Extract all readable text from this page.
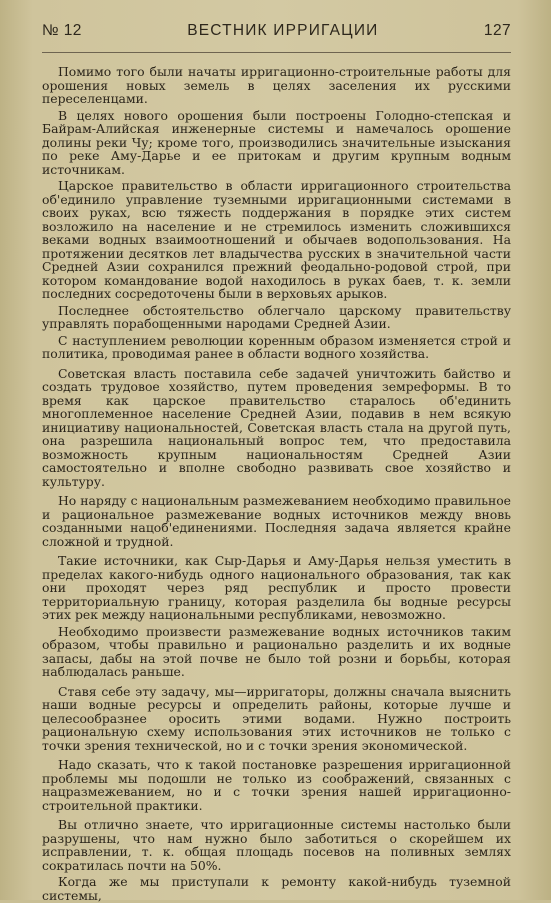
№ 12	ВЕСТНИК ИРРИГАЦИИ	127

Помимо того были начаты ирригационно-строительные работы для орошения новых земель в целях заселения их русскими переселенцами.

В целях нового орошения были построены Голодно-степская и Байрам-Алийская инженерные системы и намечалось орошение долины реки Чу; кроме того, производились значительные изыскания по реке Аму-Дарье и ее притокам и другим крупным водным источникам.

Царское правительство в области ирригационного строительства об'единило управление туземными ирригационными системами в своих руках, всю тяжесть поддержания в порядке этих систем возложило на население и не стремилось изменить сложившихся веками водных взаимоотношений и обычаев водопользования. На протяжении десятков лет владычества русских в значительной части Средней Азии сохранился прежний феодально-родовой строй, при котором командование водой находилось в руках баев, т. к. земли последних сосредоточены были в верховьях арыков.

Последнее обстоятельство облегчало царскому правительству управлять порабощенными народами Средней Азии.

С наступлением революции коренным образом изменяется строй и политика, проводимая ранее в области водного хозяйства.

Советская власть поставила себе задачей уничтожить байство и создать трудовое хозяйство, путем проведения земреформы. В то время как царское правительство старалось об'единить многоплеменное население Средней Азии, подавив в нем всякую инициативу национальностей, Советская власть стала на другой путь, она разрешила национальный вопрос тем, что предоставила возможность крупным национальностям Средней Азии самостоятельно и вполне свободно развивать свое хозяйство и культуру.

Но наряду с национальным размежеванием необходимо правильное и рациональное размежевание водных источников между вновь созданными нацоб'единениями. Последняя задача является крайне сложной и трудной.

Такие источники, как Сыр-Дарья и Аму-Дарья нельзя уместить в пределах какого-нибудь одного национального образования, так как они проходят через ряд республик и просто провести территориальную границу, которая разделила бы водные ресурсы этих рек между национальными республиками, невозможно.

Необходимо произвести размежевание водных источников таким образом, чтобы правильно и рационально разделить и их водные запасы, дабы на этой почве не было той розни и борьбы, которая наблюдалась раньше.

Ставя себе эту задачу, мы—ирригаторы, должны сначала выяснить наши водные ресурсы и определить районы, которые лучше и целесообразнее оросить этими водами. Нужно построить рациональную схему использования этих источников не только с точки зрения технической, но и с точки зрения экономической.

Надо сказать, что к такой постановке разрешения ирригационной проблемы мы подошли не только из соображений, связанных с нацразмежеванием, но и с точки зрения нашей ирригационно-строительной практики.

Вы отлично знаете, что ирригационные системы настолько были разрушены, что нам нужно было заботиться о скорейшем их исправлении, т. к. общая площадь посевов на поливных землях сократилась почти на 50%.

Когда же мы приступали к ремонту какой-нибудь туземной системы,
